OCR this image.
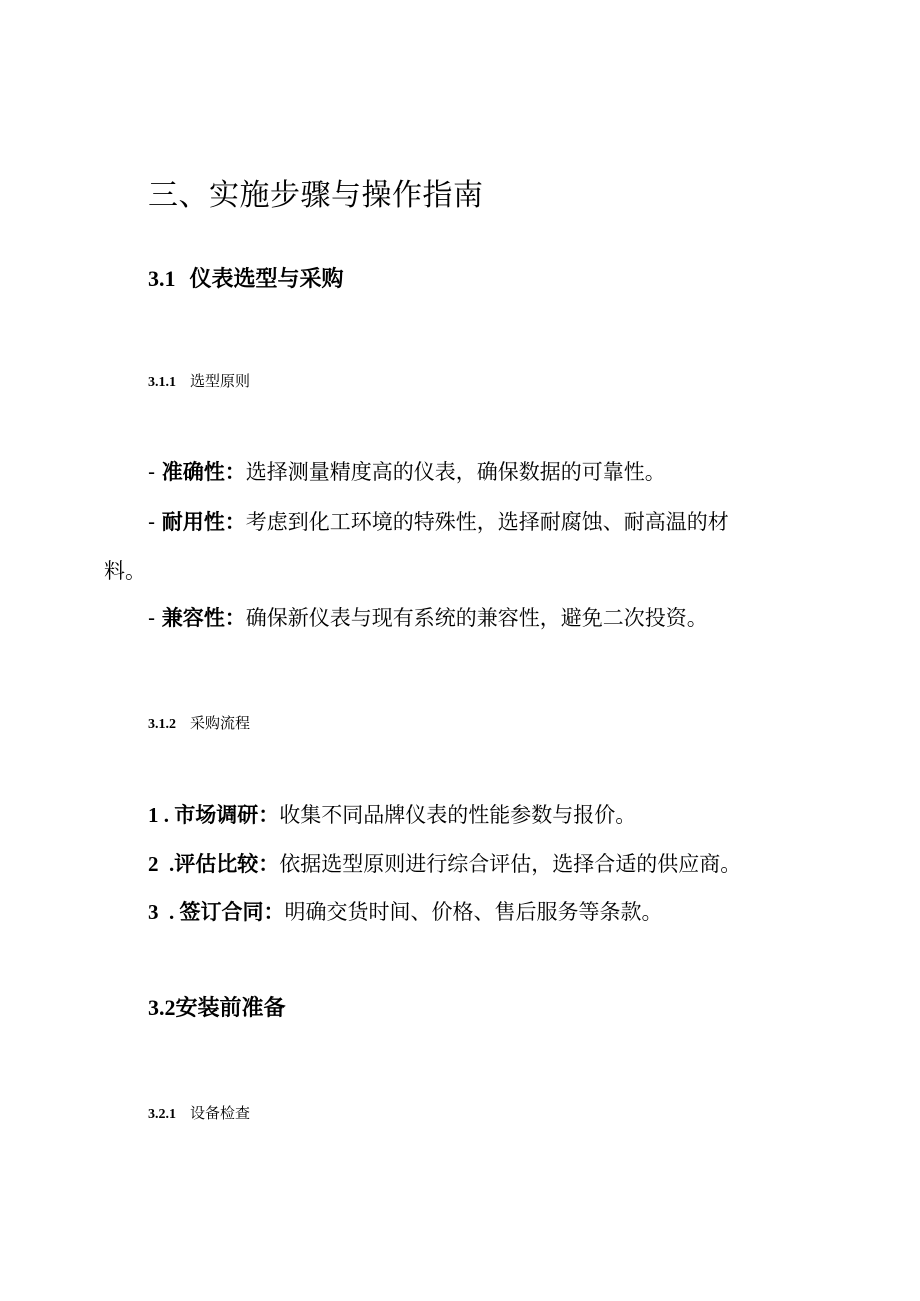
三、实施步骤与操作指南
3.1 仪表选型与采购
3.1.1 选型原则
- 准确性：选择测量精度高的仪表，确保数据的可靠性。
- 耐用性：考虑到化工环境的特殊性，选择耐腐蚀、耐高温的材
料。
- 兼容性：确保新仪表与现有系统的兼容性，避免二次投资。
3.1.2 采购流程
1 . 市场调研：收集不同品牌仪表的性能参数与报价。
2  .评估比较：依据选型原则进行综合评估，选择合适的供应商。
3  . 签订合同：明确交货时间、价格、售后服务等条款。
3.2安装前准备
3.2.1 设备检查
